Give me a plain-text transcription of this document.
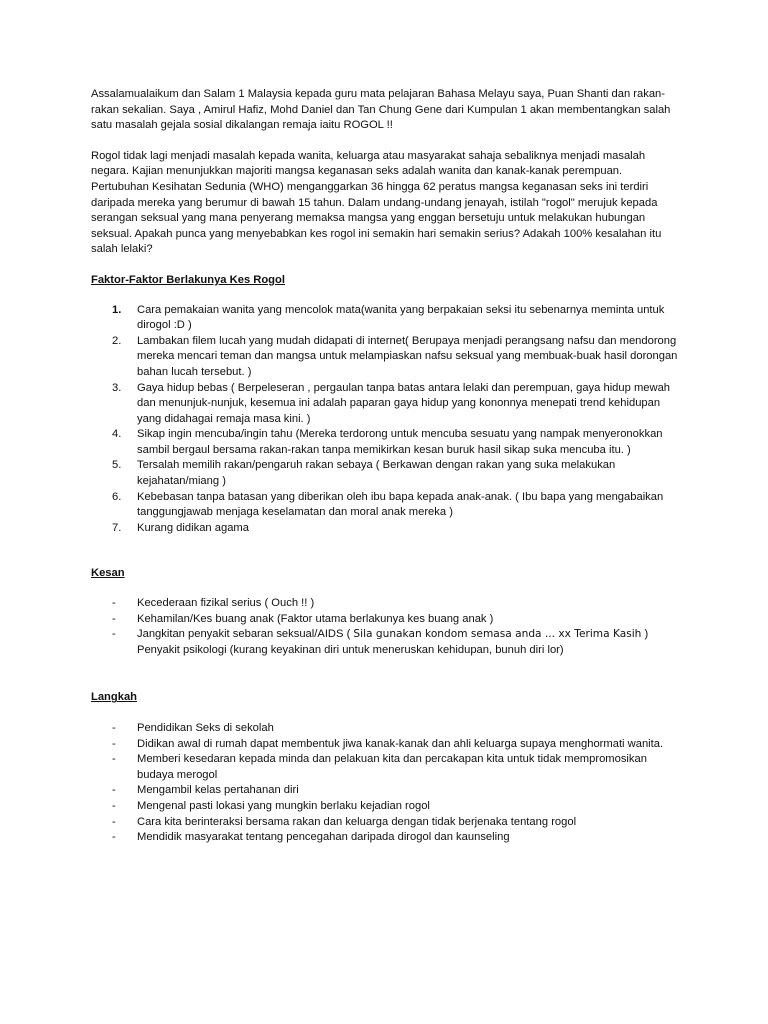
Assalamualaikum dan Salam 1 Malaysia kepada guru mata pelajaran Bahasa Melayu saya, Puan Shanti dan rakan-rakan sekalian. Saya , Amirul Hafiz, Mohd Daniel dan Tan Chung Gene dari Kumpulan 1 akan membentangkan salah satu masalah gejala sosial dikalangan remaja iaitu ROGOL !!

Rogol tidak lagi menjadi masalah kepada wanita, keluarga atau masyarakat sahaja sebaliknya menjadi masalah negara. Kajian menunjukkan majoriti mangsa keganasan seks adalah wanita dan kanak-kanak perempuan. Pertubuhan Kesihatan Sedunia (WHO) menganggarkan 36 hingga 62 peratus mangsa keganasan seks ini terdiri daripada mereka yang berumur di bawah 15 tahun. Dalam undang-undang jenayah, istilah "rogol" merujuk kepada serangan seksual yang mana penyerang memaksa mangsa yang enggan bersetuju untuk melakukan hubungan seksual. Apakah punca yang menyebabkan kes rogol ini semakin hari semakin serius? Adakah 100% kesalahan itu salah lelaki?

Faktor-Faktor Berlakunya Kes Rogol

1. Cara pemakaian wanita yang mencolok mata(wanita yang berpakaian seksi itu sebenarnya meminta untuk dirogol :D )
2. Lambakan filem lucah yang mudah didapati di internet( Berupaya menjadi perangsang nafsu dan mendorong mereka mencari teman dan mangsa untuk melampiaskan nafsu seksual yang membuak-buak hasil dorongan bahan lucah tersebut. )
3. Gaya hidup bebas ( Berpeleseran , pergaulan tanpa batas antara lelaki dan perempuan, gaya hidup mewah dan menunjuk-nunjuk, kesemua ini adalah paparan gaya hidup yang kononnya menepati trend kehidupan yang didahagai remaja masa kini. )
4. Sikap ingin mencuba/ingin tahu (Mereka terdorong untuk mencuba sesuatu yang nampak menyeronokkan sambil bergaul bersama rakan-rakan tanpa memikirkan kesan buruk hasil sikap suka mencuba itu. )
5. Tersalah memilih rakan/pengaruh rakan sebaya ( Berkawan dengan rakan yang suka melakukan kejahatan/miang )
6. Kebebasan tanpa batasan yang diberikan oleh ibu bapa kepada anak-anak. ( Ibu bapa yang mengabaikan tanggungjawab menjaga keselamatan dan moral anak mereka )
7. Kurang didikan agama

Kesan

- Kecederaan fizikal serius ( Ouch !! )
- Kehamilan/Kes buang anak (Faktor utama berlakunya kes buang anak )
- Jangkitan penyakit sebaran seksual/AIDS ( Sila gunakan kondom semasa anda ... xx Terima Kasih )

Penyakit psikologi (kurang keyakinan diri untuk meneruskan kehidupan, bunuh diri lor)

Langkah

- Pendidikan Seks di sekolah
- Didikan awal di rumah dapat membentuk jiwa kanak-kanak dan ahli keluarga supaya menghormati wanita.
- Memberi kesedaran kepada minda dan pelakuan kita dan percakapan kita untuk tidak mempromosikan budaya merogol
- Mengambil kelas pertahanan diri
- Mengenal pasti lokasi yang mungkin berlaku kejadian rogol
- Cara kita berinteraksi bersama rakan dan keluarga dengan tidak berjenaka tentang rogol
- Mendidik masyarakat tentang pencegahan daripada dirogol dan kaunseling
